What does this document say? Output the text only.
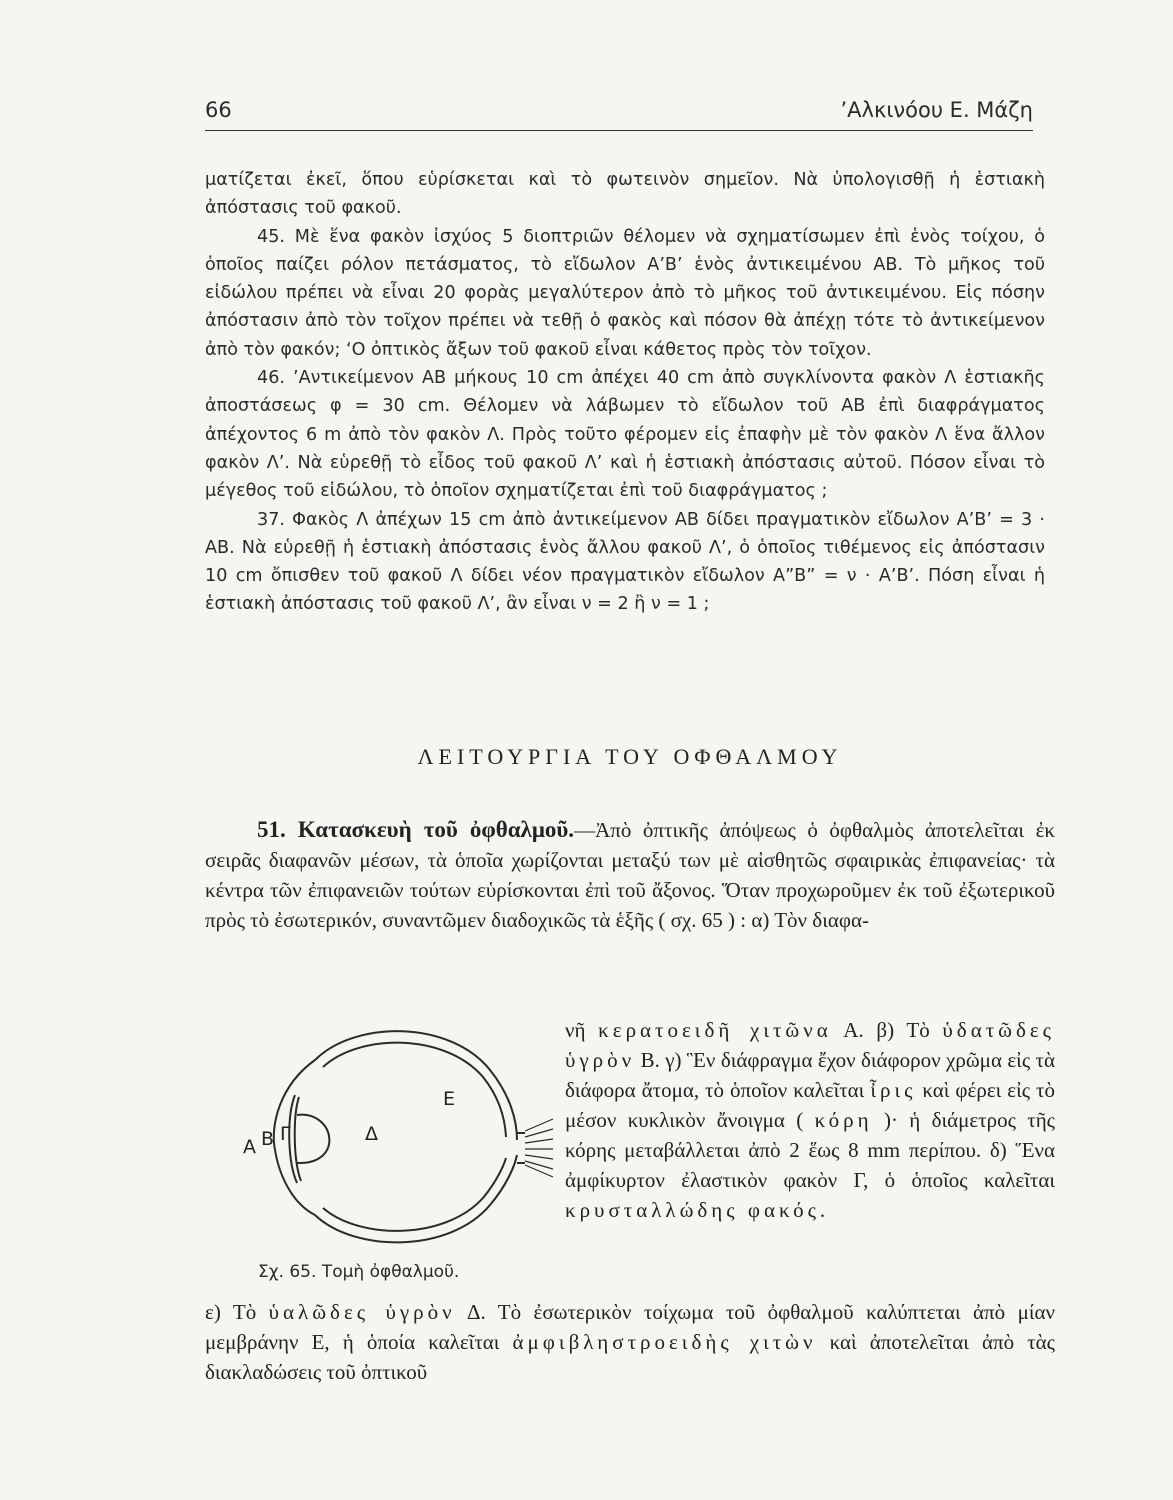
66	’Αλκινόου Ε. Μάζη

ματίζεται ἐκεῖ, ὅπου εὑρίσκεται καὶ τὸ φωτεινὸν σημεῖον. Νὰ ὑπολογισθῇ ἡ ἑστιακὴ ἀπόστασις τοῦ φακοῦ.

45. Μὲ ἕνα φακὸν ἰσχύος 5 διοπτριῶν θέλομεν νὰ σχηματίσωμεν ἐπὶ ἑνὸς τοίχου, ὁ ὁποῖος παίζει ρόλον πετάσματος, τὸ εἴδωλον Α’Β’ ἑνὸς ἀντικειμένου ΑΒ. Τὸ μῆκος τοῦ εἰδώλου πρέπει νὰ εἶναι 20 φορὰς μεγαλύτερον ἀπὸ τὸ μῆκος τοῦ ἀντικειμένου. Εἰς πόσην ἀπόστασιν ἀπὸ τὸν τοῖχον πρέπει νὰ τεθῇ ὁ φακὸς καὶ πόσον θὰ ἀπέχῃ τότε τὸ ἀντικείμενον ἀπὸ τὸν φακόν; ‘Ο ὀπτικὸς ἄξων τοῦ φακοῦ εἶναι κάθετος πρὸς τὸν τοῖχον.

46. ’Αντικείμενον ΑΒ μήκους 10 cm ἀπέχει 40 cm ἀπὸ συγκλίνοντα φακὸν Λ ἑστιακῆς ἀποστάσεως φ = 30 cm. Θέλομεν νὰ λάβωμεν τὸ εἴδωλον τοῦ ΑΒ ἐπὶ διαφράγματος ἀπέχοντος 6 m ἀπὸ τὸν φακὸν Λ. Πρὸς τοῦτο φέρομεν εἰς ἐπαφὴν μὲ τὸν φακὸν Λ ἕνα ἄλλον φακὸν Λ’. Νὰ εὑρεθῇ τὸ εἶδος τοῦ φακοῦ Λ’ καὶ ἡ ἑστιακὴ ἀπόστασις αὐτοῦ. Πόσον εἶναι τὸ μέγεθος τοῦ εἰδώλου, τὸ ὁποῖον σχηματίζεται ἐπὶ τοῦ διαφράγματος ;

37. Φακὸς Λ ἀπέχων 15 cm ἀπὸ ἀντικείμενον ΑΒ δίδει πραγματικὸν εἴδωλον Α’Β’ = 3 · ΑΒ. Νὰ εὑρεθῇ ἡ ἑστιακὴ ἀπόστασις ἑνὸς ἄλλου φακοῦ Λ’, ὁ ὁποῖος τιθέμενος εἰς ἀπόστασιν 10 cm ὄπισθεν τοῦ φακοῦ Λ δίδει νέον πραγματικὸν εἴδωλον Α”Β” = ν · Α’Β’. Πόση εἶναι ἡ ἑστιακὴ ἀπόστασις τοῦ φακοῦ Λ’, ἂν εἶναι ν = 2 ἢ ν = 1 ;

ΛΕΙΤΟΥΡΓΙΑ ΤΟΥ ΟΦΘΑΛΜΟΥ

51. Κατασκευὴ τοῦ ὀφθαλμοῦ.—Ἀπὸ ὀπτικῆς ἀπόψεως ὁ ὀφθαλμὸς ἀποτελεῖται ἐκ σειρᾶς διαφανῶν μέσων, τὰ ὁποῖα χωρίζονται μεταξύ των μὲ αἰσθητῶς σφαιρικὰς ἐπιφανείας· τὰ κέντρα τῶν ἐπιφανειῶν τούτων εὑρίσκονται ἐπὶ τοῦ ἄξονος. Ὅταν προχωροῦμεν ἐκ τοῦ ἐξωτερικοῦ πρὸς τὸ ἐσωτερικόν, συναντῶμεν διαδοχικῶς τὰ ἑξῆς ( σχ. 65 ) : α) Τὸν διαφα-

νῆ κερατοειδῆ χιτῶνα Α. β) Τὸ ὑδατῶδες ὑγρὸν Β. γ) Ἓν διάφραγμα ἔχον διάφορον χρῶμα εἰς τὰ διάφορα ἄτομα, τὸ ὁποῖον καλεῖται ἶρις καὶ φέρει εἰς τὸ μέσον κυκλικὸν ἄνοιγμα ( κόρη )· ἡ διάμετρος τῆς κόρης μεταβάλλεται ἀπὸ 2 ἕως 8 mm περίπου. δ) Ἕνα ἀμφίκυρτον ἐλαστικὸν φακὸν Γ, ὁ ὁποῖος καλεῖται κρυσταλλώδης φακός.

Α Β Γ	Δ
Ε
Σχ. 65. Τομὴ ὀφθαλμοῦ.

ε) Τὸ ὑαλῶδες ὑγρὸν Δ. Τὸ ἐσωτερικὸν τοίχωμα τοῦ ὀφθαλμοῦ καλύπτεται ἀπὸ μίαν μεμβράνην Ε, ἡ ὁποία καλεῖται ἀμφιβληστροειδὴς χιτὼν καὶ ἀποτελεῖται ἀπὸ τὰς διακλαδώσεις τοῦ ὀπτικοῦ
